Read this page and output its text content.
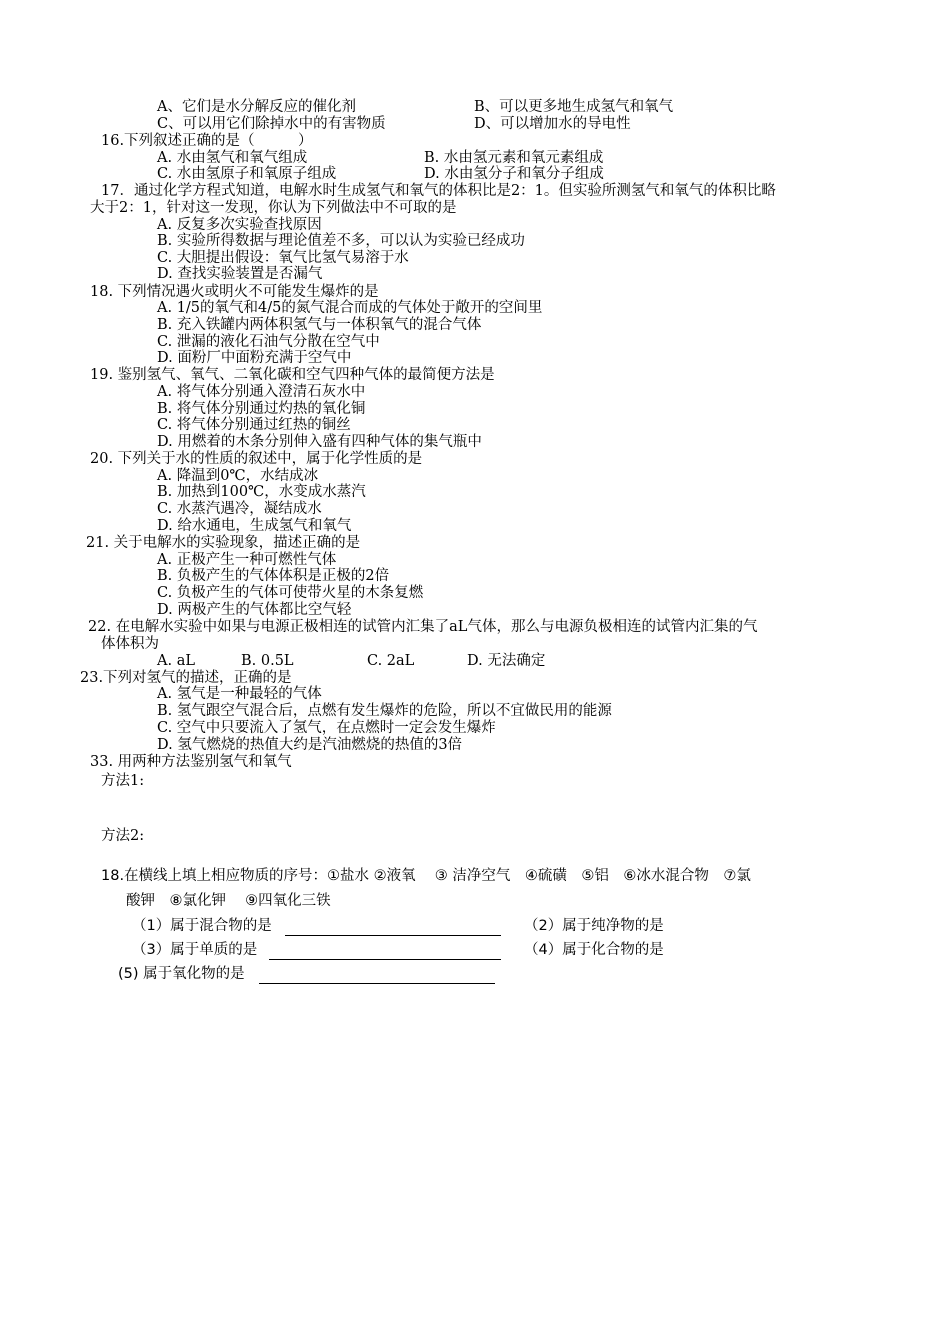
A、它们是水分解反应的催化剂	B、可以更多地生成氢气和氧气
C、可以用它们除掉水中的有害物质	D、可以增加水的导电性
16.下列叙述正确的是（　　　）
A. 水由氢气和氧气组成	B. 水由氢元素和氧元素组成
C. 水由氢原子和氧原子组成	D. 水由氢分子和氧分子组成
17．通过化学方程式知道，电解水时生成氢气和氧气的体积比是2：1。但实验所测氢气和氧气的体积比略
大于2：1，针对这一发现，你认为下列做法中不可取的是
A. 反复多次实验查找原因
B. 实验所得数据与理论值差不多，可以认为实验已经成功
C. 大胆提出假设：氧气比氢气易溶于水
D. 查找实验装置是否漏气
18. 下列情况遇火或明火不可能发生爆炸的是
A. 1/5的氧气和4/5的氮气混合而成的气体处于敞开的空间里
B. 充入铁罐内两体积氢气与一体积氧气的混合气体
C. 泄漏的液化石油气分散在空气中
D. 面粉厂中面粉充满于空气中
19. 鉴别氢气、氧气、二氧化碳和空气四种气体的最简便方法是
A. 将气体分别通入澄清石灰水中
B. 将气体分别通过灼热的氧化铜
C. 将气体分别通过红热的铜丝
D. 用燃着的木条分别伸入盛有四种气体的集气瓶中
20. 下列关于水的性质的叙述中，属于化学性质的是
A. 降温到0℃，水结成冰
B. 加热到100℃，水变成水蒸汽
C. 水蒸汽遇冷，凝结成水
D. 给水通电，生成氢气和氧气
21. 关于电解水的实验现象，描述正确的是
A. 正极产生一种可燃性气体
B. 负极产生的气体体积是正极的2倍
C. 负极产生的气体可使带火星的木条复燃
D. 两极产生的气体都比空气轻
22. 在电解水实验中如果与电源正极相连的试管内汇集了aL气体，那么与电源负极相连的试管内汇集的气
体体积为
A. aL	B. 0.5L	C. 2aL	D. 无法确定
23.下列对氢气的描述，正确的是
A. 氢气是一种最轻的气体
B. 氢气跟空气混合后，点燃有发生爆炸的危险，所以不宜做民用的能源
C. 空气中只要流入了氢气，在点燃时一定会发生爆炸
D. 氢气燃烧的热值大约是汽油燃烧的热值的3倍
33. 用两种方法鉴别氢气和氧气
方法1:
方法2:
18.在横线上填上相应物质的序号：①盐水 ②液氧　 ③ 洁净空气　④硫磺　⑤铝　⑥冰水混合物　⑦氯
酸钾　⑧氯化钾　 ⑨四氧化三铁
（1）属于混合物的是	（2）属于纯净物的是
（3）属于单质的是	（4）属于化合物的是
(5) 属于氧化物的是
